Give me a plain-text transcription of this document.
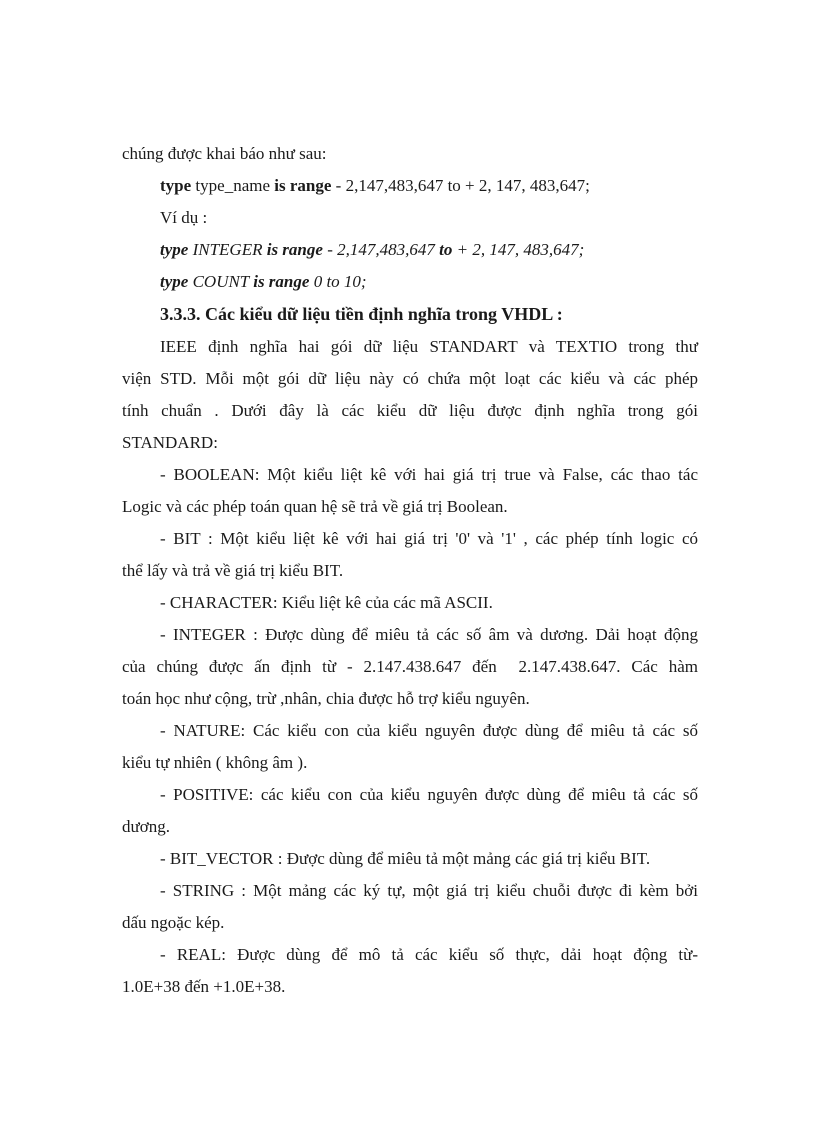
chúng được khai báo như sau:
type type_name is range - 2,147,483,647 to + 2, 147, 483,647;
Ví dụ :
type INTEGER is range - 2,147,483,647 to + 2, 147, 483,647;
type COUNT is range 0 to 10;
3.3.3. Các kiểu dữ liệu tiền định nghĩa trong VHDL :
IEEE định nghĩa hai gói dữ liệu STANDART và TEXTIO trong thư
viện STD. Mỗi một gói dữ liệu này có chứa một loạt các kiểu và các phép
tính chuẩn . Dưới đây là các kiểu dữ liệu được định nghĩa trong gói
STANDARD:
- BOOLEAN: Một kiểu liệt kê với hai giá trị true và False, các thao tác
Logic và các phép toán quan hệ sẽ trả về giá trị Boolean.
- BIT : Một kiểu liệt kê với hai giá trị '0' và '1' , các phép tính logic có
thể lấy và trả về giá trị kiểu BIT.
- CHARACTER: Kiểu liệt kê của các mã ASCII.
- INTEGER : Được dùng để miêu tả các số âm và dương. Dải hoạt động
của chúng được ấn định từ - 2.147.438.647 đến  2.147.438.647. Các hàm
toán học như cộng, trừ ,nhân, chia được hỗ trợ kiểu nguyên.
- NATURE: Các kiểu con của kiểu nguyên được dùng để miêu tả các số
kiểu tự nhiên ( không âm ).
- POSITIVE: các kiểu con của kiểu nguyên được dùng để miêu tả các số
dương.
- BIT_VECTOR : Được dùng để miêu tả một mảng các giá trị kiểu BIT.
- STRING : Một mảng các ký tự, một giá trị kiểu chuỗi được đi kèm bởi
dấu ngoặc kép.
- REAL: Được dùng để mô tả các kiểu số thực, dải hoạt động từ-
1.0E+38 đến +1.0E+38.
